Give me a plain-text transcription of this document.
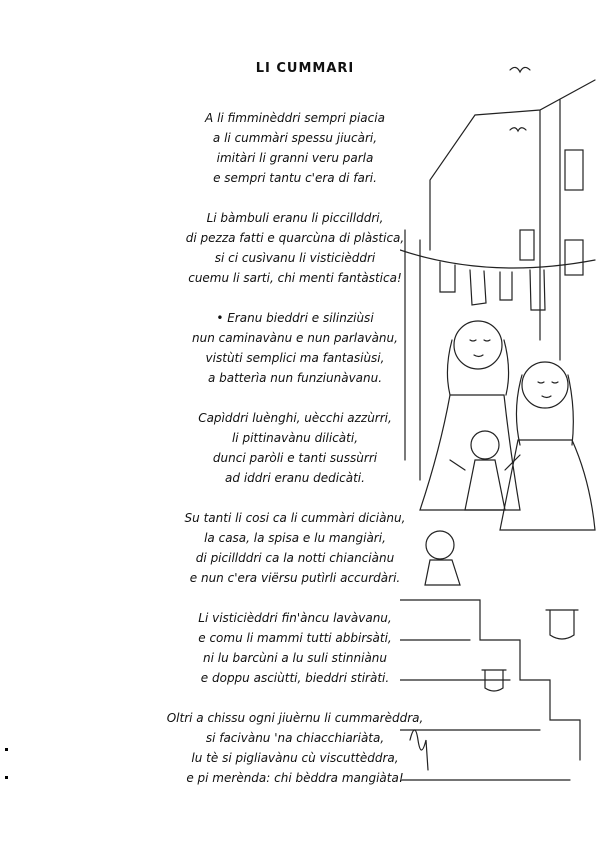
LI CUMMARI
A li fimminèddri sempri piacia
a li cummàri spessu jiucàri,
imitàri li granni veru parla
e sempri tantu c'era di fari.
Li bàmbuli eranu li piccillddri,
di pezza fatti e quarcùna di plàstica,
si ci cusìvanu li visticièddri
cuemu li sarti, chi menti fantàstica!
• Eranu bieddri e silinziùsi
nun caminavànu e nun parlavànu,
vistùti semplici ma fantasiùsi,
a batterìa nun funziunàvanu.
Capìddri luènghi, uècchi azzùrri,
li pittinavànu dilicàti,
dunci paròli e tanti sussùrri
ad iddri eranu dedicàti.
Su tanti li cosi ca li cummàri diciànu,
la casa, la spisa e lu mangiàri,
di picillddri ca la notti chianciànu
e nun c'era viërsu putìrli accurdàri.
Li visticièddri fin'àncu lavàvanu,
e comu li mammi tutti abbirsàti,
ni lu barcùni a lu suli stinniànu
e doppu asciùtti, bieddri stiràti.
Oltri a chissu ogni jiuèrnu li cummarèddra,
si facivànu 'na chiacchiariàta,
lu tè si pigliavànu cù viscuttèddra,
e pi merènda: chi bèddra mangiàta!
